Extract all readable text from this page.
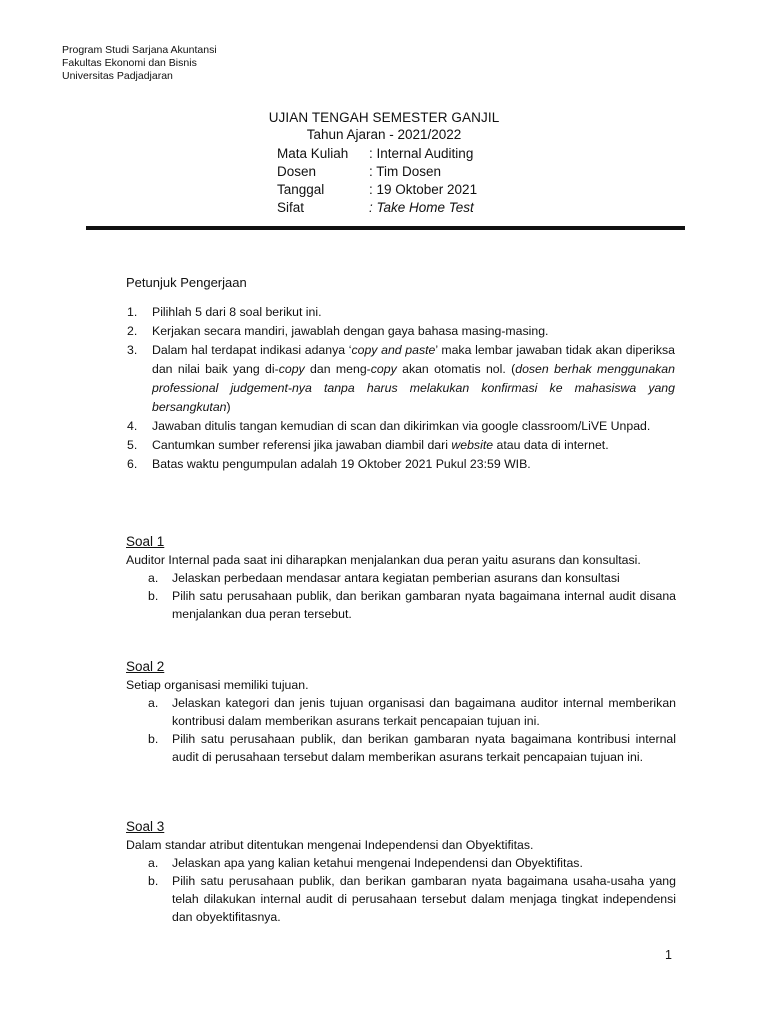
Program Studi Sarjana Akuntansi
Fakultas Ekonomi dan Bisnis
Universitas Padjadjaran
UJIAN TENGAH SEMESTER GANJIL
Tahun Ajaran - 2021/2022
Mata Kuliah	: Internal Auditing
Dosen	: Tim Dosen
Tanggal	: 19 Oktober 2021
Sifat	: Take Home Test
Petunjuk Pengerjaan
1. Pilihlah 5 dari 8 soal berikut ini.
2. Kerjakan secara mandiri, jawablah dengan gaya bahasa masing-masing.
3. Dalam hal terdapat indikasi adanya ‘copy and paste’ maka lembar jawaban tidak akan diperiksa dan nilai baik yang di-copy dan meng-copy akan otomatis nol. (dosen berhak menggunakan professional judgement-nya tanpa harus melakukan konfirmasi ke mahasiswa yang bersangkutan)
4. Jawaban ditulis tangan kemudian di scan dan dikirimkan via google classroom/LiVE Unpad.
5. Cantumkan sumber referensi jika jawaban diambil dari website atau data di internet.
6. Batas waktu pengumpulan adalah 19 Oktober 2021 Pukul 23:59 WIB.
Soal 1
Auditor Internal pada saat ini diharapkan menjalankan dua peran yaitu asurans dan konsultasi.
a. Jelaskan perbedaan mendasar antara kegiatan pemberian asurans dan konsultasi
b. Pilih satu perusahaan publik, dan berikan gambaran nyata bagaimana internal audit disana menjalankan dua peran tersebut.
Soal 2
Setiap organisasi memiliki tujuan.
a. Jelaskan kategori dan jenis tujuan organisasi dan bagaimana auditor internal memberikan kontribusi dalam memberikan asurans terkait pencapaian tujuan ini.
b. Pilih satu perusahaan publik, dan berikan gambaran nyata bagaimana kontribusi internal audit di perusahaan tersebut dalam memberikan asurans terkait pencapaian tujuan ini.
Soal 3
Dalam standar atribut ditentukan mengenai Independensi dan Obyektifitas.
a. Jelaskan apa yang kalian ketahui mengenai Independensi dan Obyektifitas.
b. Pilih satu perusahaan publik, dan berikan gambaran nyata bagaimana usaha-usaha yang telah dilakukan internal audit di perusahaan tersebut dalam menjaga tingkat independensi dan obyektifitasnya.
1
